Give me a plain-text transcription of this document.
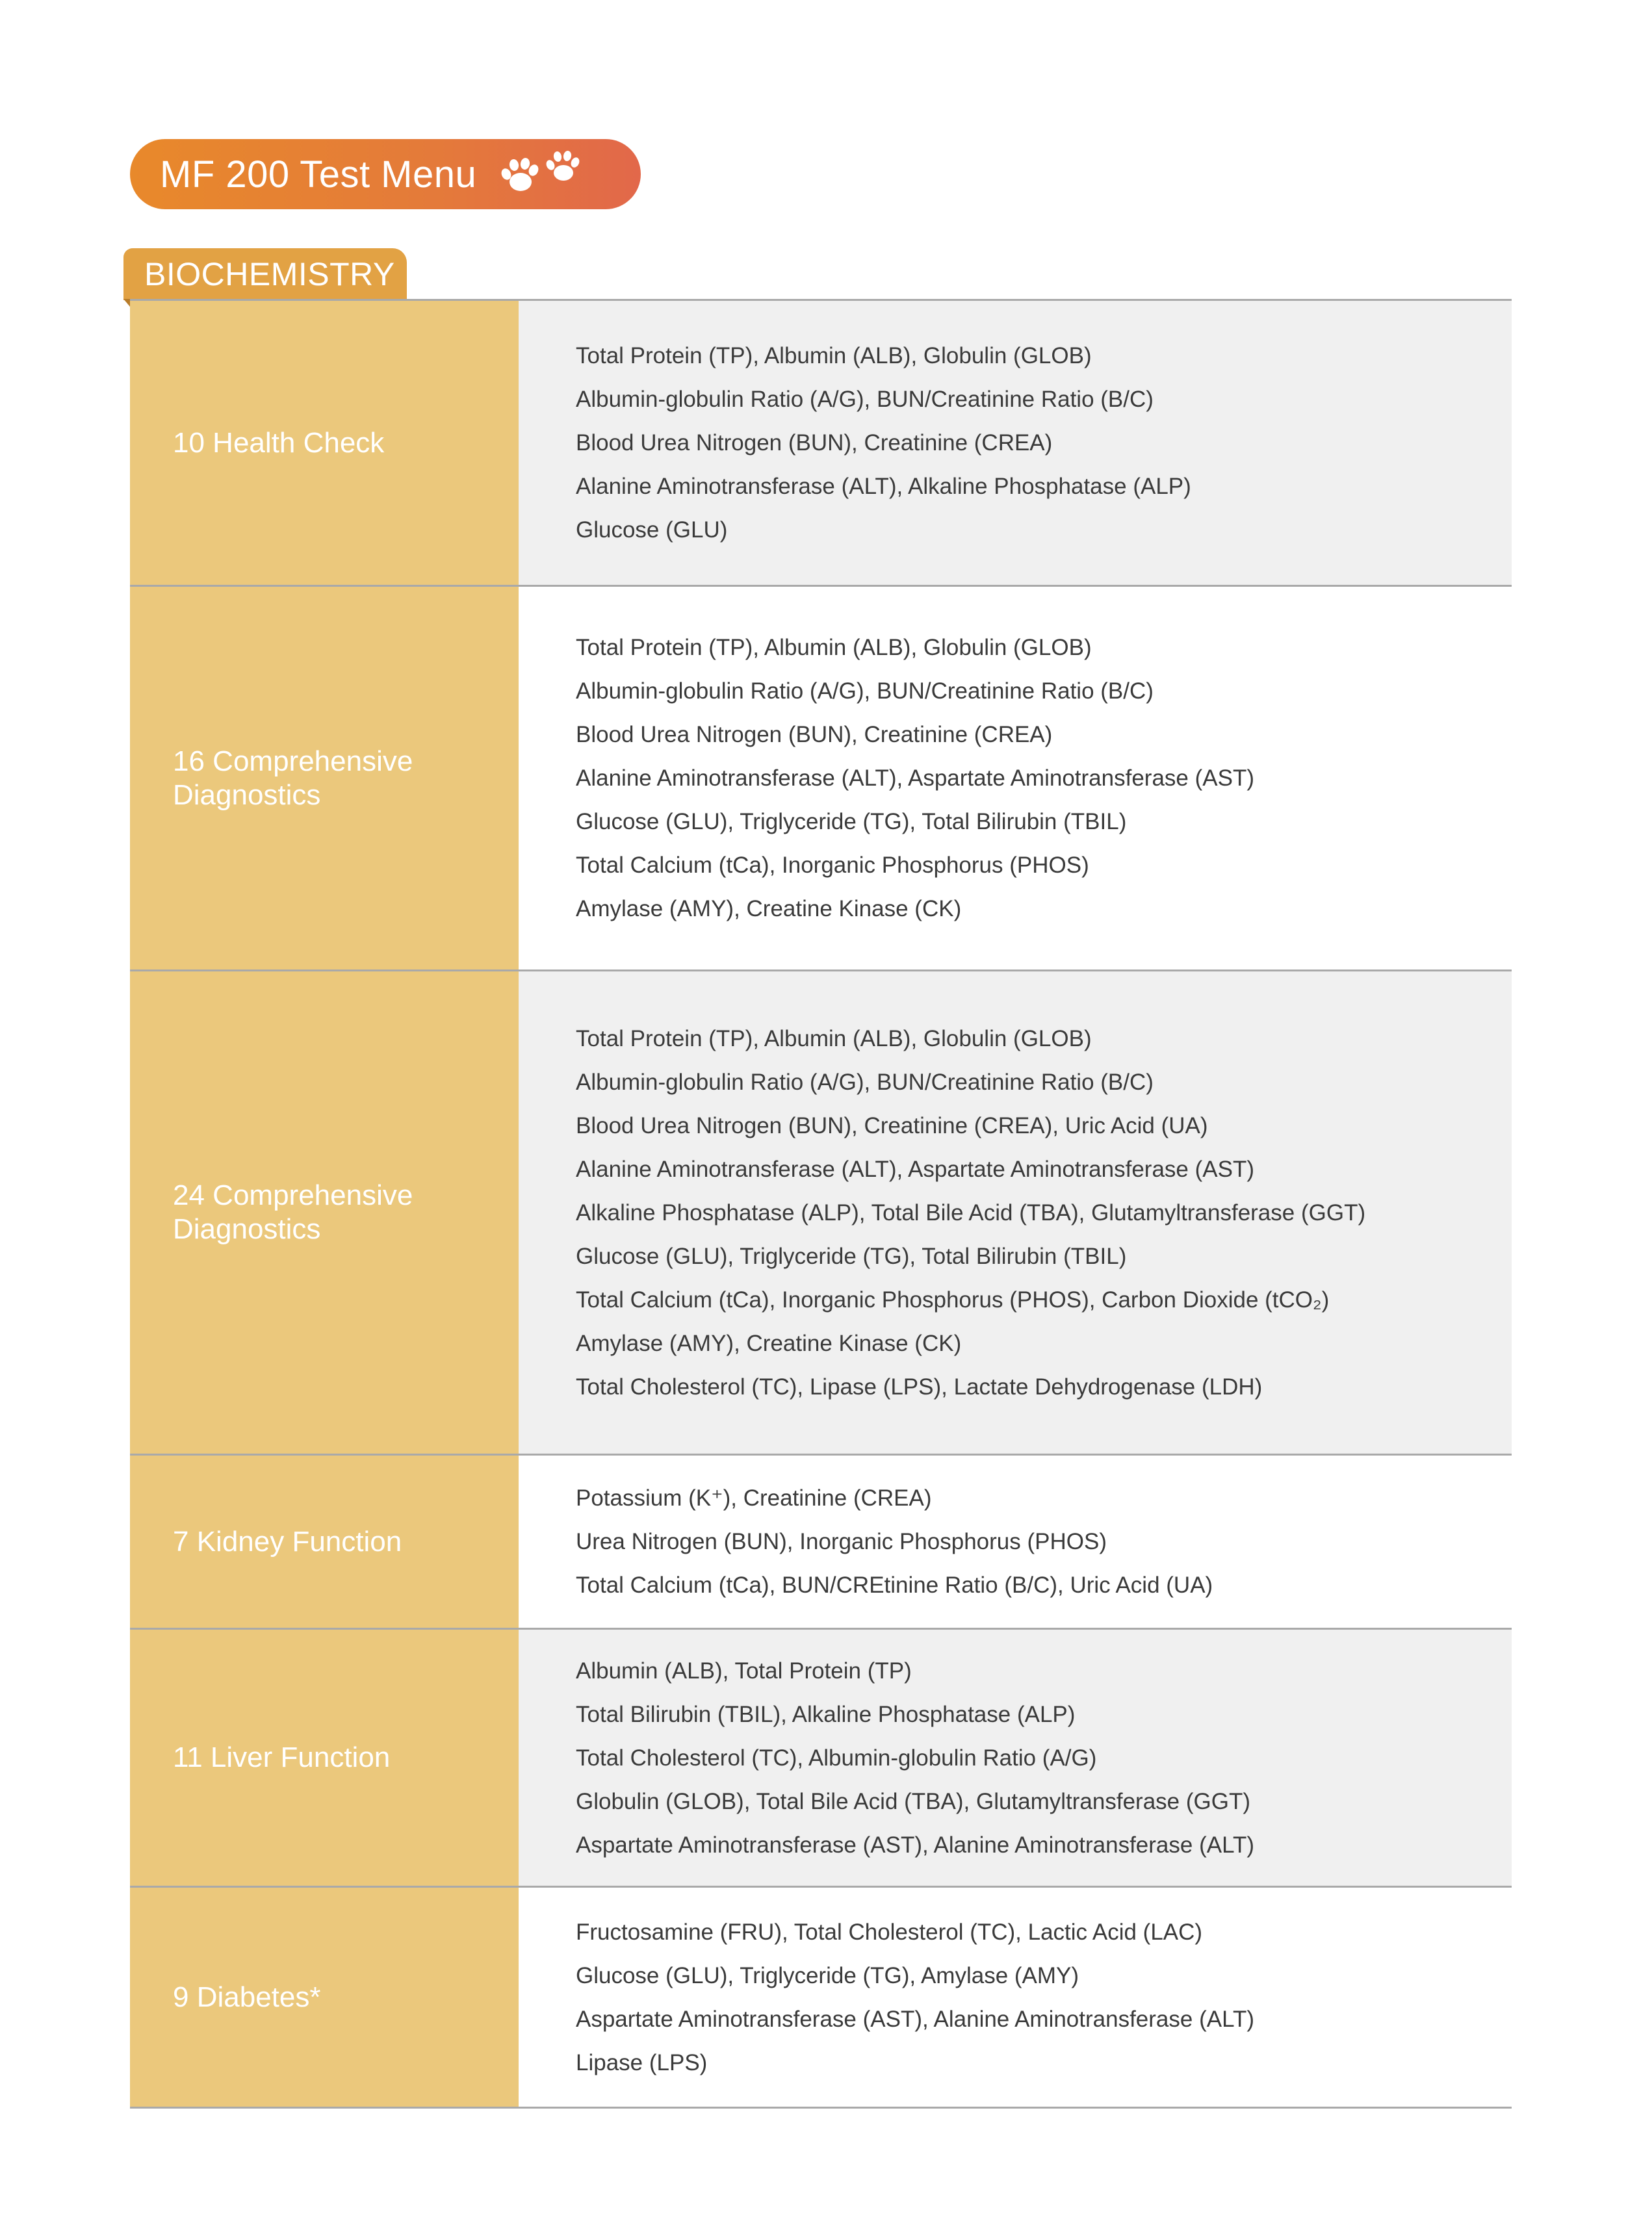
MF 200 Test Menu
BIOCHEMISTRY
10 Health Check
Total Protein (TP), Albumin (ALB), Globulin (GLOB)
Albumin-globulin Ratio (A/G), BUN/Creatinine Ratio (B/C)
Blood Urea Nitrogen (BUN), Creatinine (CREA)
Alanine Aminotransferase (ALT), Alkaline Phosphatase (ALP)
Glucose (GLU)
16 Comprehensive
Diagnostics
Total Protein (TP), Albumin (ALB), Globulin (GLOB)
Albumin-globulin Ratio (A/G), BUN/Creatinine Ratio (B/C)
Blood Urea Nitrogen (BUN), Creatinine (CREA)
Alanine Aminotransferase (ALT), Aspartate Aminotransferase (AST)
Glucose (GLU), Triglyceride (TG), Total Bilirubin (TBIL)
Total Calcium (tCa), Inorganic Phosphorus (PHOS)
Amylase (AMY), Creatine Kinase (CK)
24 Comprehensive
Diagnostics
Total Protein (TP), Albumin (ALB), Globulin (GLOB)
Albumin-globulin Ratio (A/G), BUN/Creatinine Ratio (B/C)
Blood Urea Nitrogen (BUN), Creatinine (CREA), Uric Acid (UA)
Alanine Aminotransferase (ALT), Aspartate Aminotransferase (AST)
Alkaline Phosphatase (ALP), Total Bile Acid (TBA), Glutamyltransferase (GGT)
Glucose (GLU), Triglyceride (TG), Total Bilirubin (TBIL)
Total Calcium (tCa), Inorganic Phosphorus (PHOS), Carbon Dioxide (tCO₂)
Amylase (AMY), Creatine Kinase (CK)
Total Cholesterol (TC), Lipase (LPS), Lactate Dehydrogenase (LDH)
7 Kidney Function
Potassium (K⁺), Creatinine (CREA)
Urea Nitrogen (BUN), Inorganic Phosphorus (PHOS)
Total Calcium (tCa), BUN/CREtinine Ratio (B/C), Uric Acid (UA)
11 Liver Function
Albumin (ALB), Total Protein (TP)
Total Bilirubin (TBIL), Alkaline Phosphatase (ALP)
Total Cholesterol (TC), Albumin-globulin Ratio (A/G)
Globulin (GLOB), Total Bile Acid (TBA), Glutamyltransferase (GGT)
Aspartate Aminotransferase (AST), Alanine Aminotransferase (ALT)
9 Diabetes*
Fructosamine (FRU), Total Cholesterol (TC), Lactic Acid (LAC)
Glucose (GLU), Triglyceride (TG), Amylase (AMY)
Aspartate Aminotransferase (AST), Alanine Aminotransferase (ALT)
Lipase (LPS)
